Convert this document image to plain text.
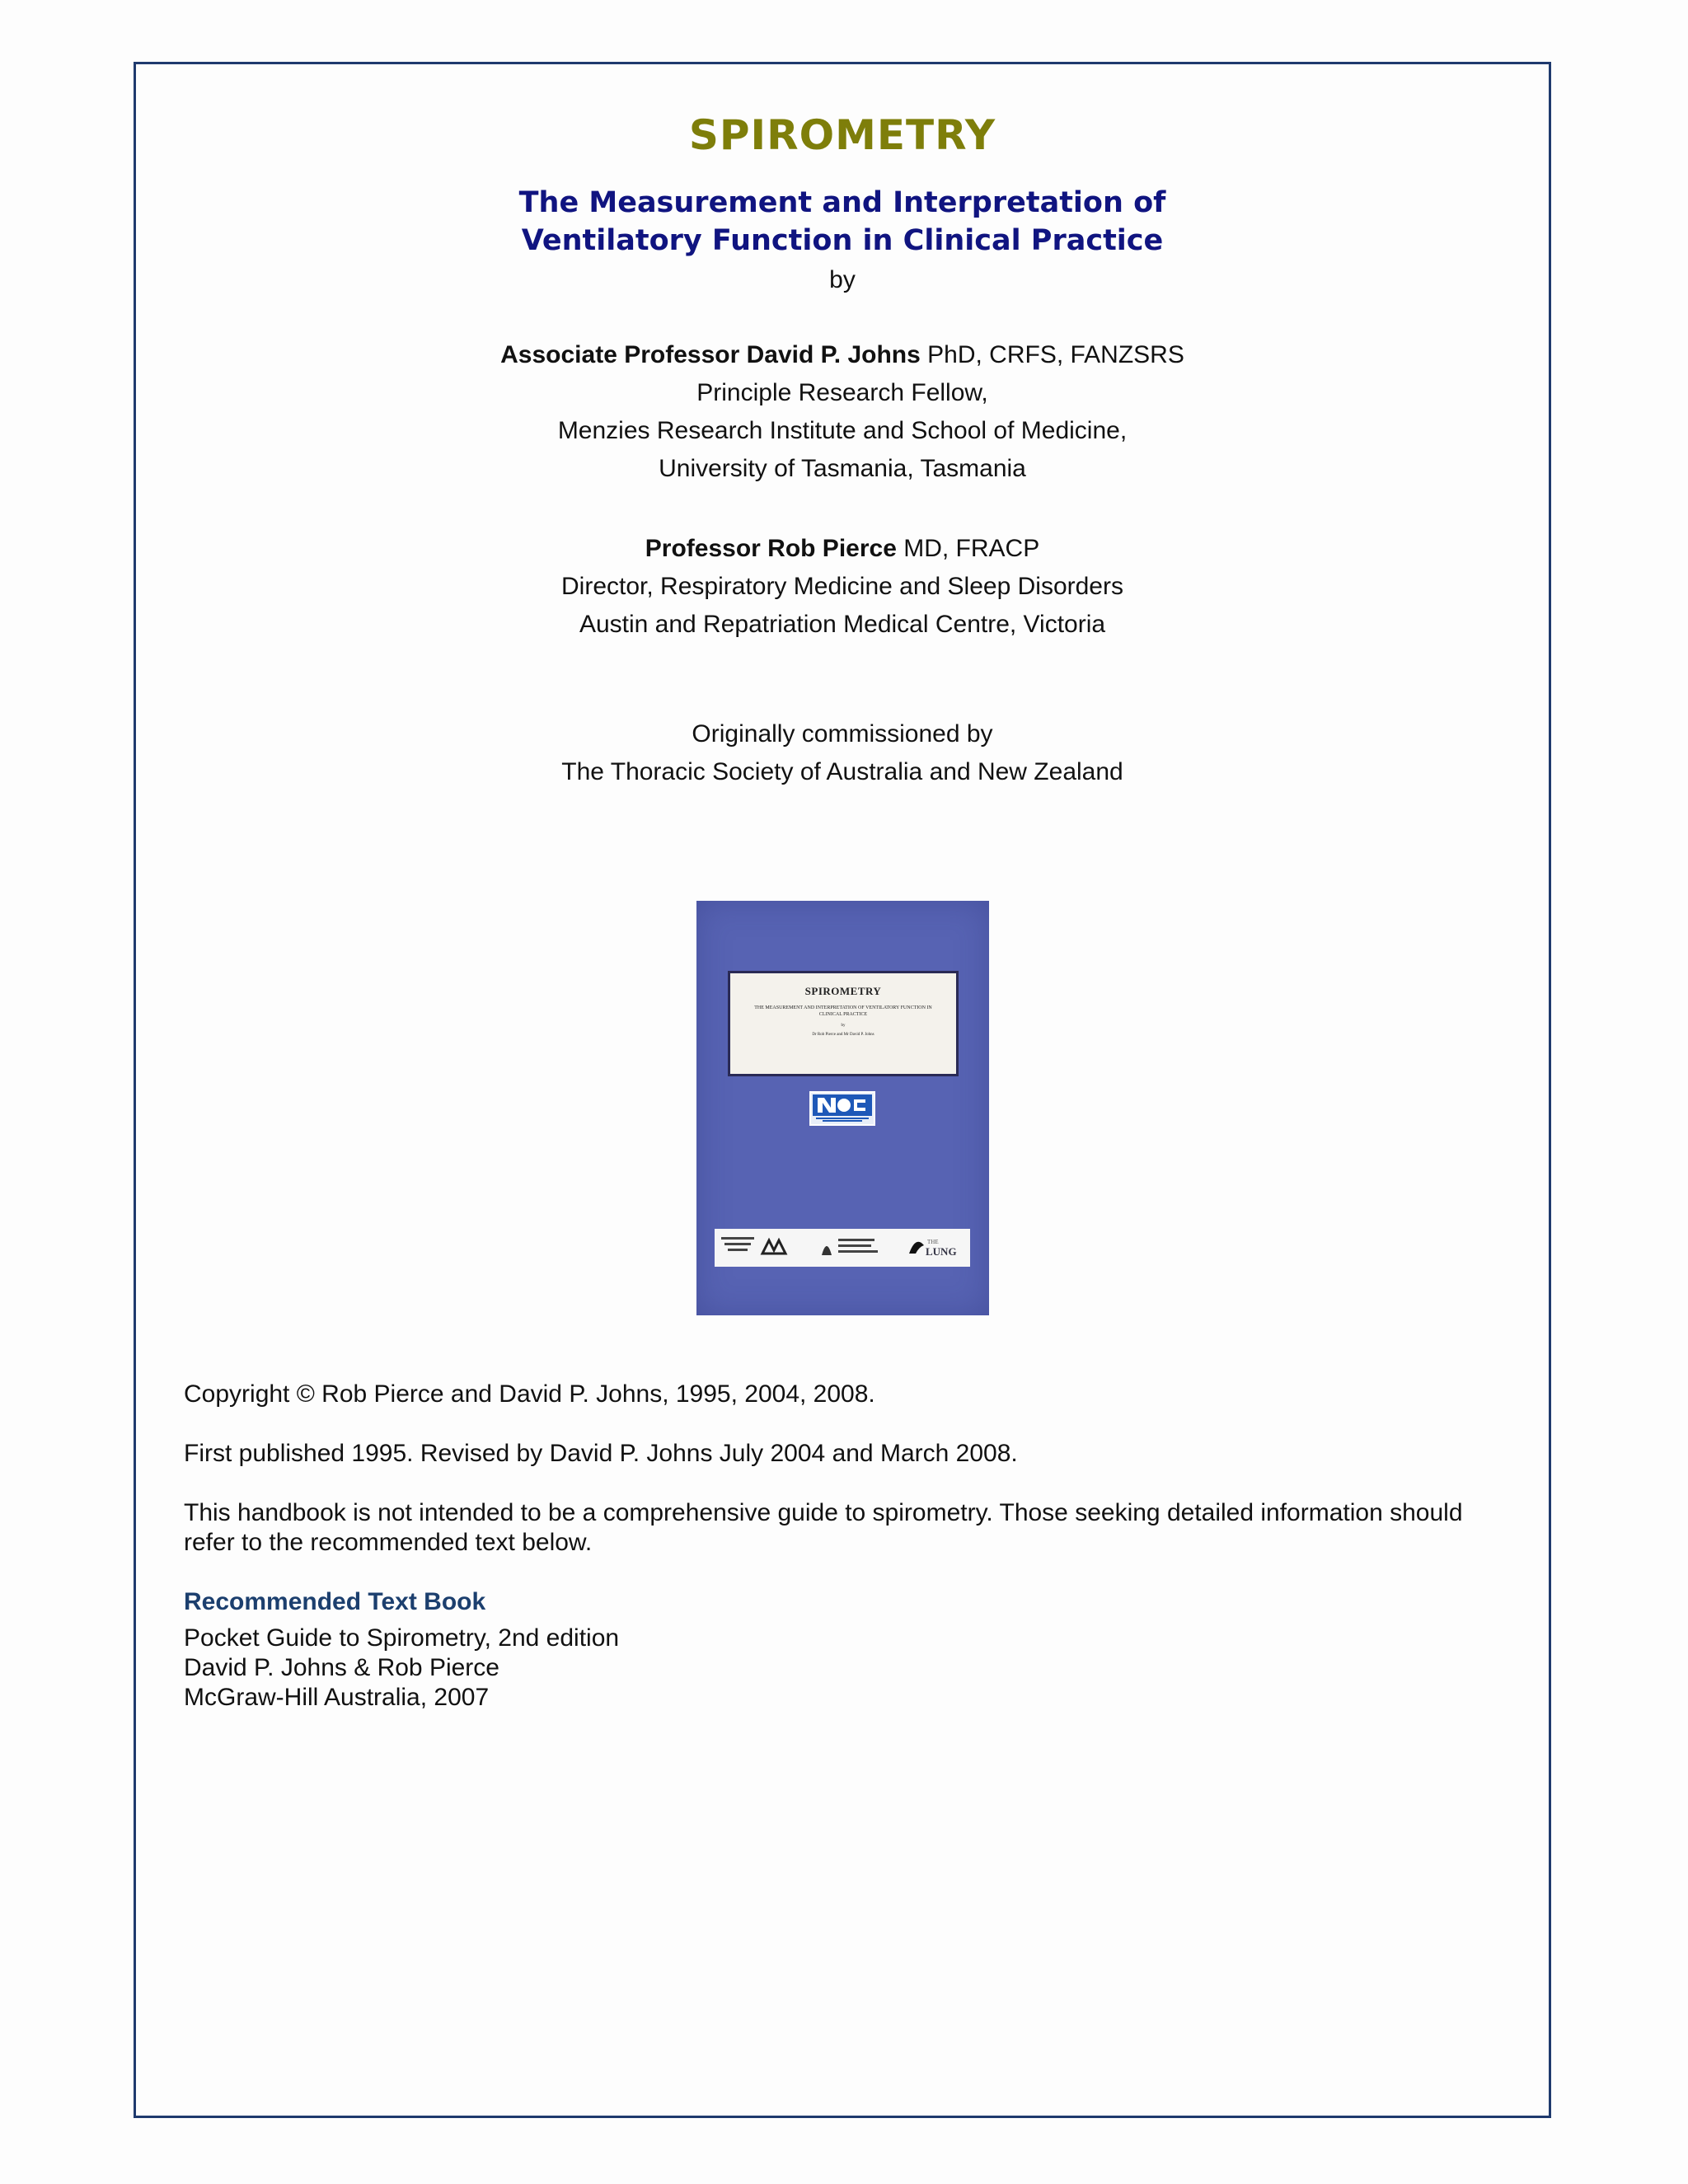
SPIROMETRY
The Measurement and Interpretation of
Ventilatory Function in Clinical Practice
by
Associate Professor David P. Johns PhD, CRFS, FANZSRS
Principle Research Fellow,
Menzies Research Institute and School of Medicine,
University of Tasmania, Tasmania
Professor Rob Pierce MD, FRACP
Director, Respiratory Medicine and Sleep Disorders
Austin and Repatriation Medical Centre, Victoria
Originally commissioned by
The Thoracic Society of Australia and New Zealand
SPIROMETRY
THE MEASUREMENT AND INTERPRETATION OF VENTILATORY FUNCTION IN CLINICAL PRACTICE
by
Dr Rob Pierce and Mr David P. Johns
THE
LUNG
Copyright © Rob Pierce and David P. Johns, 1995, 2004, 2008.
First published 1995. Revised by David P. Johns July 2004 and March 2008.
This handbook is not intended to be a comprehensive guide to spirometry. Those seeking detailed information should refer to the recommended text below.
Recommended Text Book
Pocket Guide to Spirometry, 2nd edition
David P. Johns & Rob Pierce
McGraw-Hill Australia, 2007
